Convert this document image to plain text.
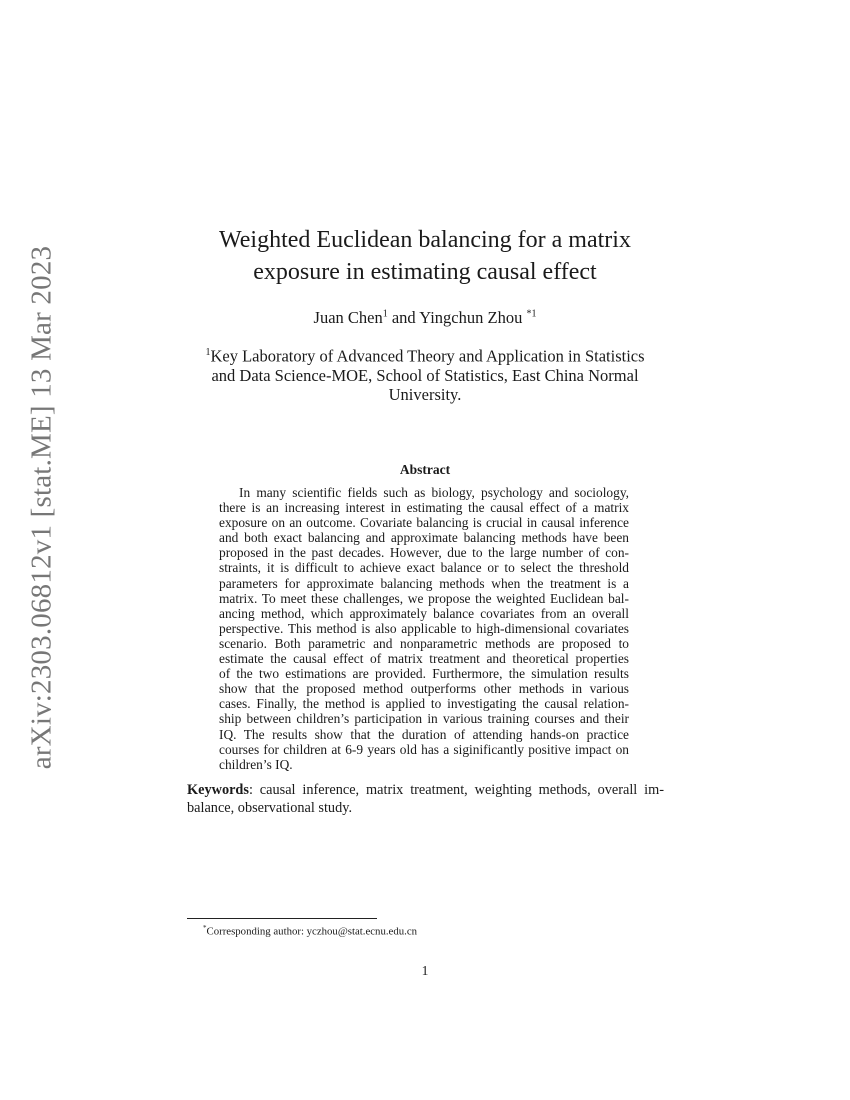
arXiv:2303.06812v1 [stat.ME] 13 Mar 2023
Weighted Euclidean balancing for a matrix
exposure in estimating causal effect
Juan Chen$^1$ and Yingchun Zhou $^{*1}$
$^1$Key Laboratory of Advanced Theory and Application in Statistics
and Data Science-MOE, School of Statistics, East China Normal
University.
Abstract
In many scientific fields such as biology, psychology and sociology,
there is an increasing interest in estimating the causal effect of a matrix
exposure on an outcome. Covariate balancing is crucial in causal inference
and both exact balancing and approximate balancing methods have been
proposed in the past decades. However, due to the large number of con-
straints, it is difficult to achieve exact balance or to select the threshold
parameters for approximate balancing methods when the treatment is a
matrix. To meet these challenges, we propose the weighted Euclidean bal-
ancing method, which approximately balance covariates from an overall
perspective. This method is also applicable to high-dimensional covariates
scenario. Both parametric and nonparametric methods are proposed to
estimate the causal effect of matrix treatment and theoretical properties
of the two estimations are provided. Furthermore, the simulation results
show that the proposed method outperforms other methods in various
cases. Finally, the method is applied to investigating the causal relation-
ship between children’s participation in various training courses and their
IQ. The results show that the duration of attending hands-on practice
courses for children at 6-9 years old has a siginificantly positive impact on
children’s IQ.
Keywords: causal inference, matrix treatment, weighting methods, overall im-
balance, observational study.
*Corresponding author: yczhou@stat.ecnu.edu.cn
1
